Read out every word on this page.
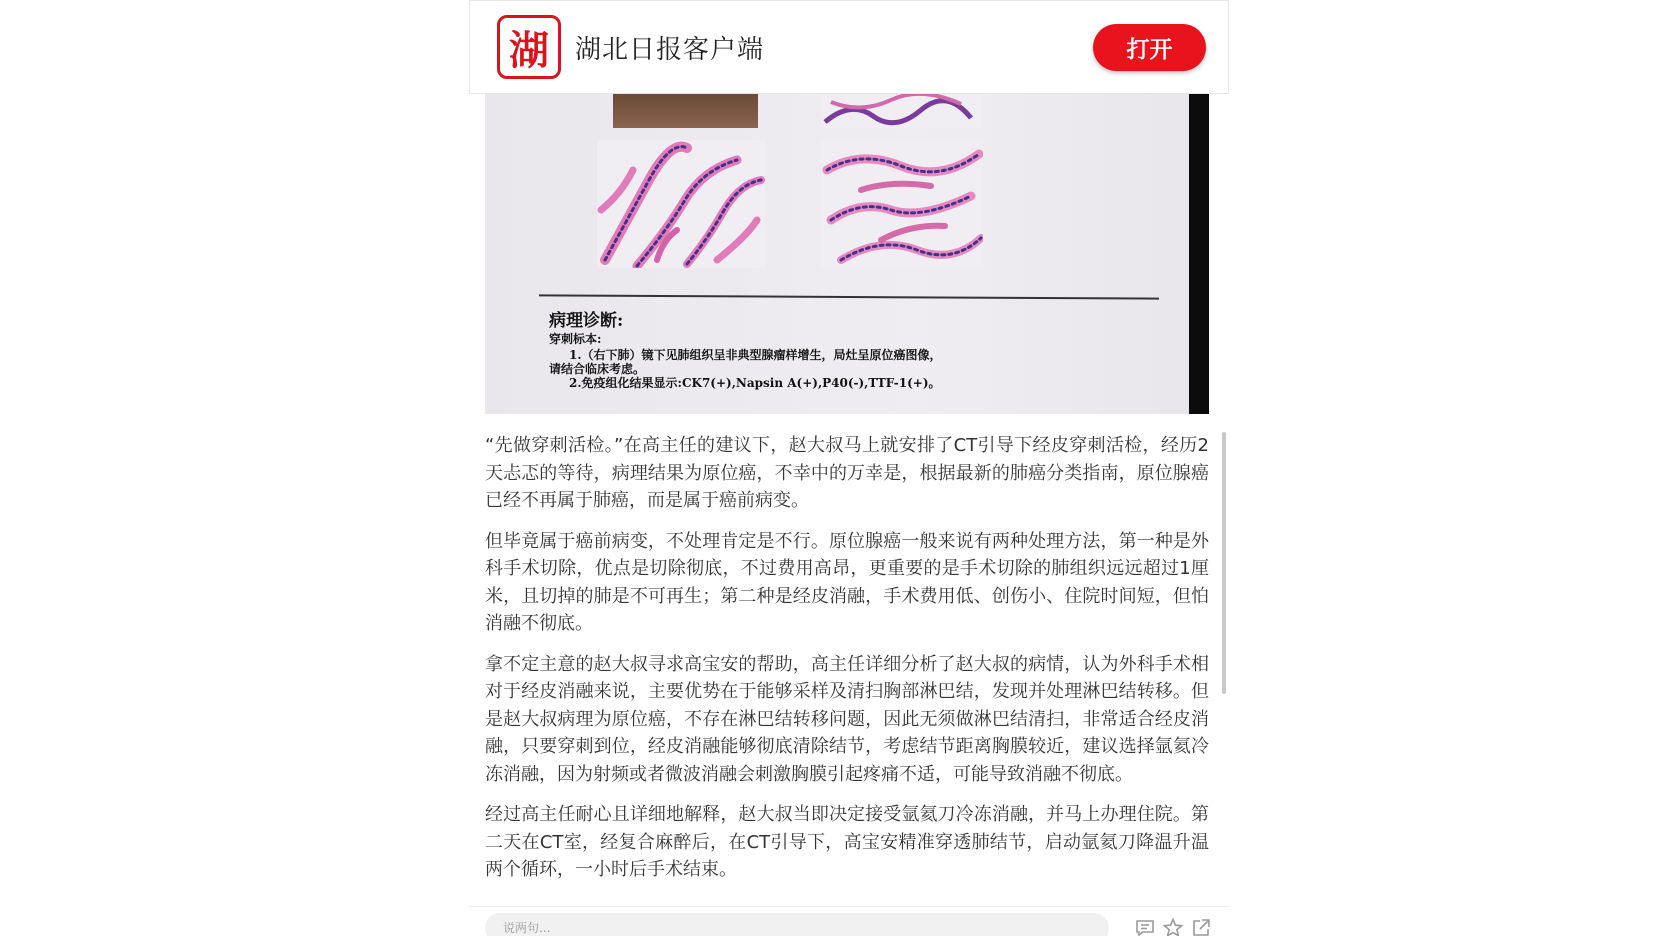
湖	湖北日报客户端	打开
病理诊断:
穿刺标本:
1.（右下肺）镜下见肺组织呈非典型腺瘤样增生，局灶呈原位癌图像，
请结合临床考虑。
2.免疫组化结果显示:CK7(+),Napsin A(+),P40(-),TTF-1(+)。

“先做穿刺活检。”在高主任的建议下，赵大叔马上就安排了CT引导下经皮穿刺活检，经历2天忐忑的等待，病理结果为原位癌，不幸中的万幸是，根据最新的肺癌分类指南，原位腺癌已经不再属于肺癌，而是属于癌前病变。

但毕竟属于癌前病变，不处理肯定是不行。原位腺癌一般来说有两种处理方法，第一种是外科手术切除，优点是切除彻底，不过费用高昂，更重要的是手术切除的肺组织远远超过1厘米，且切掉的肺是不可再生；第二种是经皮消融，手术费用低、创伤小、住院时间短，但怕消融不彻底。

拿不定主意的赵大叔寻求高宝安的帮助，高主任详细分析了赵大叔的病情，认为外科手术相对于经皮消融来说，主要优势在于能够采样及清扫胸部淋巴结，发现并处理淋巴结转移。但是赵大叔病理为原位癌，不存在淋巴结转移问题，因此无须做淋巴结清扫，非常适合经皮消融，只要穿刺到位，经皮消融能够彻底清除结节，考虑结节距离胸膜较近，建议选择氩氦冷冻消融，因为射频或者微波消融会刺激胸膜引起疼痛不适，可能导致消融不彻底。

经过高主任耐心且详细地解释，赵大叔当即决定接受氩氦刀冷冻消融，并马上办理住院。第二天在CT室，经复合麻醉后，在CT引导下，高宝安精准穿透肺结节，启动氩氦刀降温升温两个循环，一小时后手术结束。

说两句...
